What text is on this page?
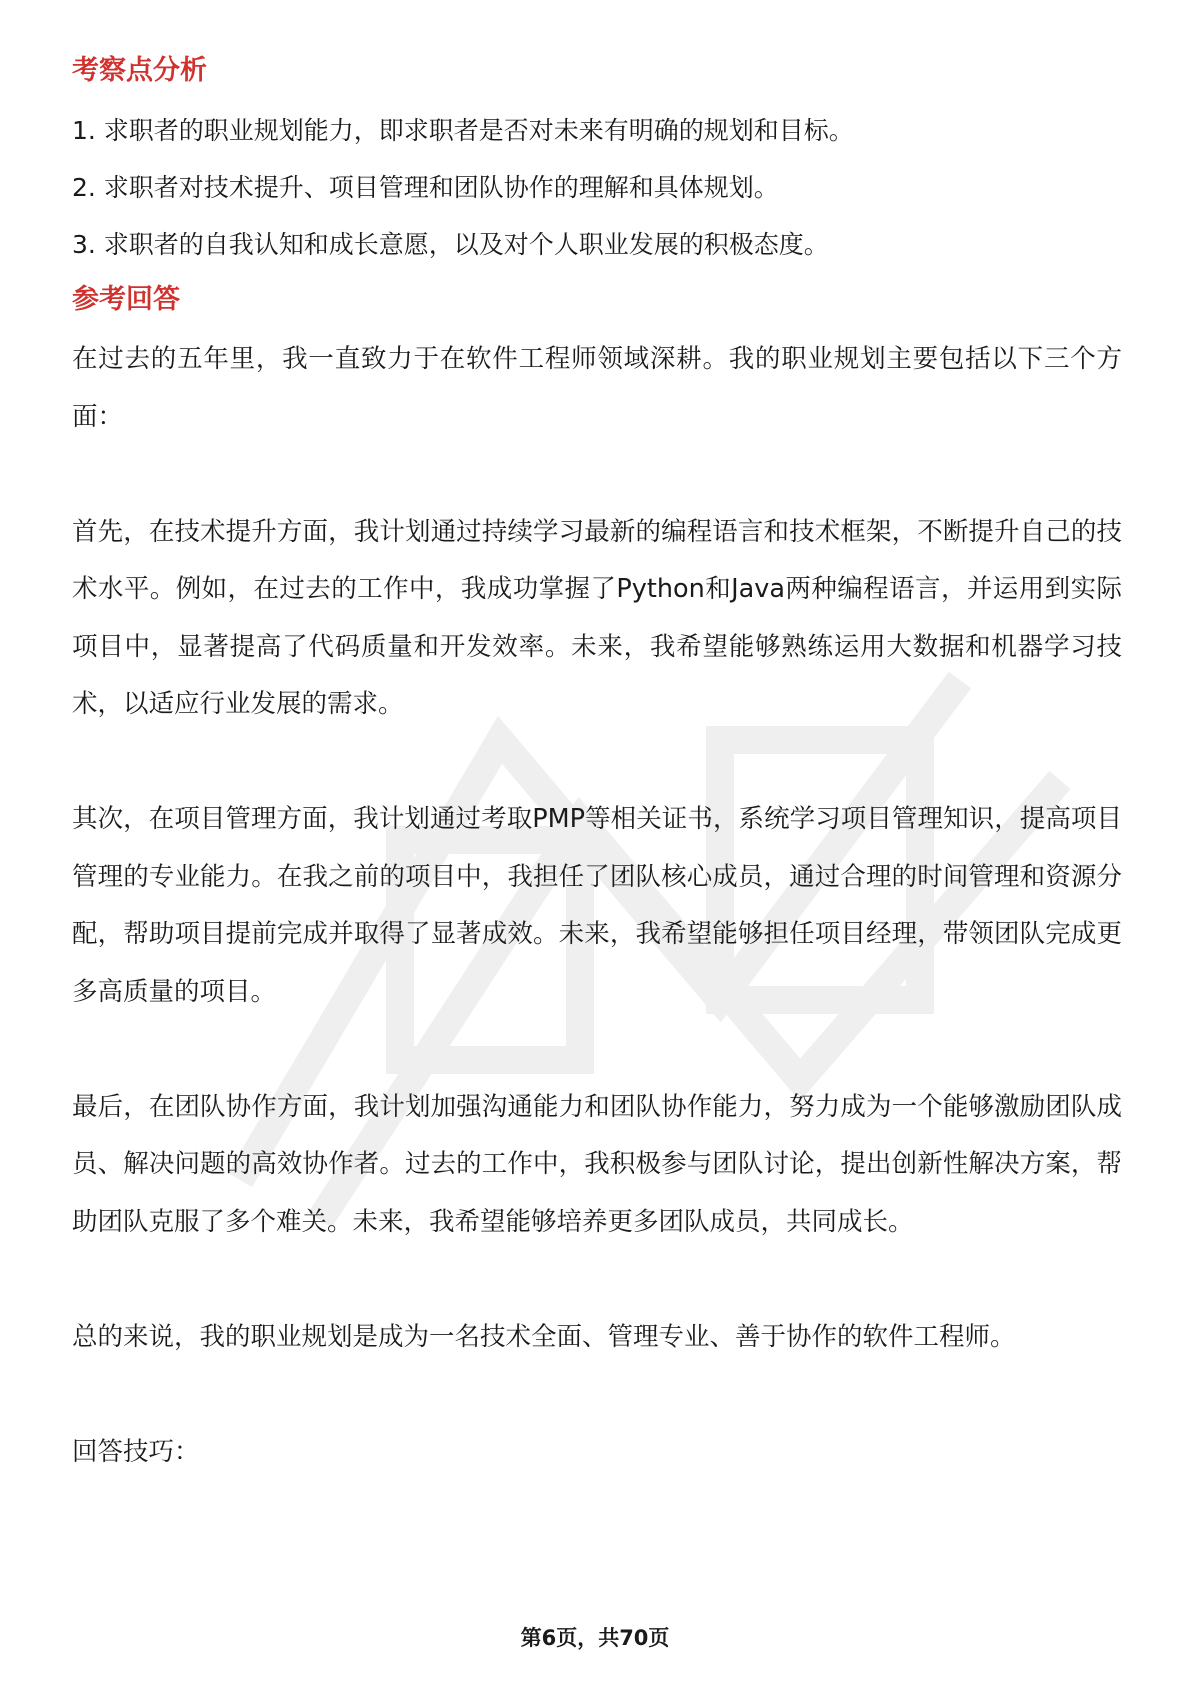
考察点分析

1. 求职者的职业规划能力，即求职者是否对未来有明确的规划和目标。

2. 求职者对技术提升、项目管理和团队协作的理解和具体规划。

3. 求职者的自我认知和成长意愿，以及对个人职业发展的积极态度。

参考回答

在过去的五年里，我一直致力于在软件工程师领域深耕。我的职业规划主要包括以下三个方面：

首先，在技术提升方面，我计划通过持续学习最新的编程语言和技术框架，不断提升自己的技术水平。例如，在过去的工作中，我成功掌握了Python和Java两种编程语言，并运用到实际项目中，显著提高了代码质量和开发效率。未来，我希望能够熟练运用大数据和机器学习技术，以适应行业发展的需求。

其次，在项目管理方面，我计划通过考取PMP等相关证书，系统学习项目管理知识，提高项目管理的专业能力。在我之前的项目中，我担任了团队核心成员，通过合理的时间管理和资源分配，帮助项目提前完成并取得了显著成效。未来，我希望能够担任项目经理，带领团队完成更多高质量的项目。

最后，在团队协作方面，我计划加强沟通能力和团队协作能力，努力成为一个能够激励团队成员、解决问题的高效协作者。过去的工作中，我积极参与团队讨论，提出创新性解决方案，帮助团队克服了多个难关。未来，我希望能够培养更多团队成员，共同成长。

总的来说，我的职业规划是成为一名技术全面、管理专业、善于协作的软件工程师。

回答技巧：

第6页，共70页
